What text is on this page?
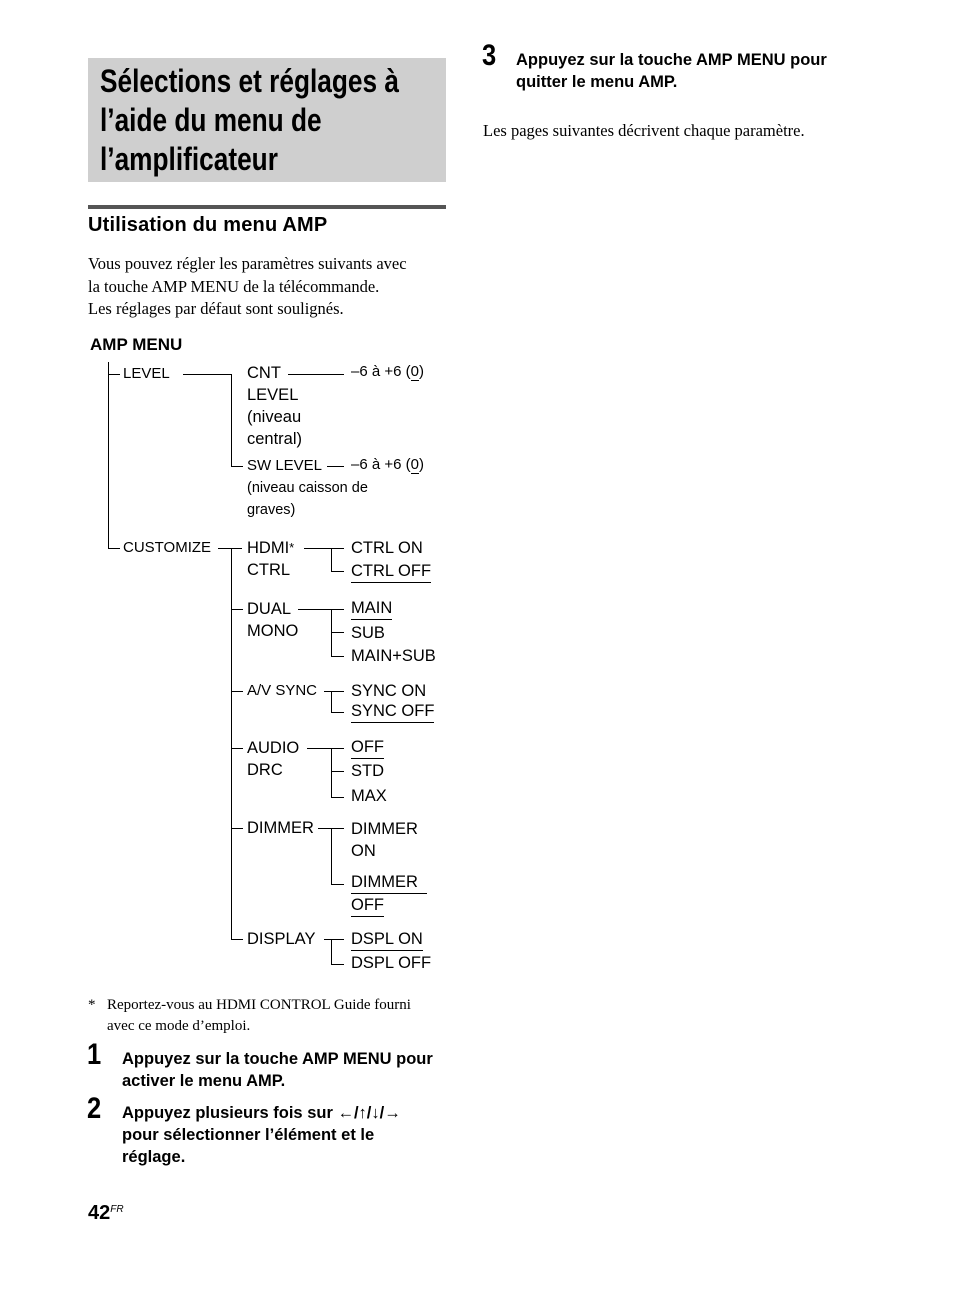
Sélections et réglages à
l’aide du menu de
l’amplificateur
Utilisation du menu AMP
Vous pouvez régler les paramètres suivants avec
la touche AMP MENU de la télécommande.
Les réglages par défaut sont soulignés.
AMP MENU
LEVEL	CNT
LEVEL
(niveau
central)
–6 à +6 (0)
SW LEVEL
(niveau caisson de
graves)
–6 à +6 (0)
CUSTOMIZE HDMI*
CTRL
CTRL ON
CTRL OFF
DUAL
MONO
MAIN
SUB
MAIN+SUB
A/V SYNC SYNC ON
SYNC OFF
AUDIO
DRC
OFF
STD
MAX
DIMMER DIMMER
ON
DIMMER
OFF
DISPLAY DSPL ON
DSPL OFF
* Reportez-vous au HDMI CONTROL Guide fourni
avec ce mode d’emploi.
1 Appuyez sur la touche AMP MENU pour
activer le menu AMP.
2 Appuyez plusieurs fois sur ←/↑/↓/→
pour sélectionner l’élément et le
réglage.
3 Appuyez sur la touche AMP MENU pour
quitter le menu AMP.
Les pages suivantes décrivent chaque paramètre.
$42^{FR}$
